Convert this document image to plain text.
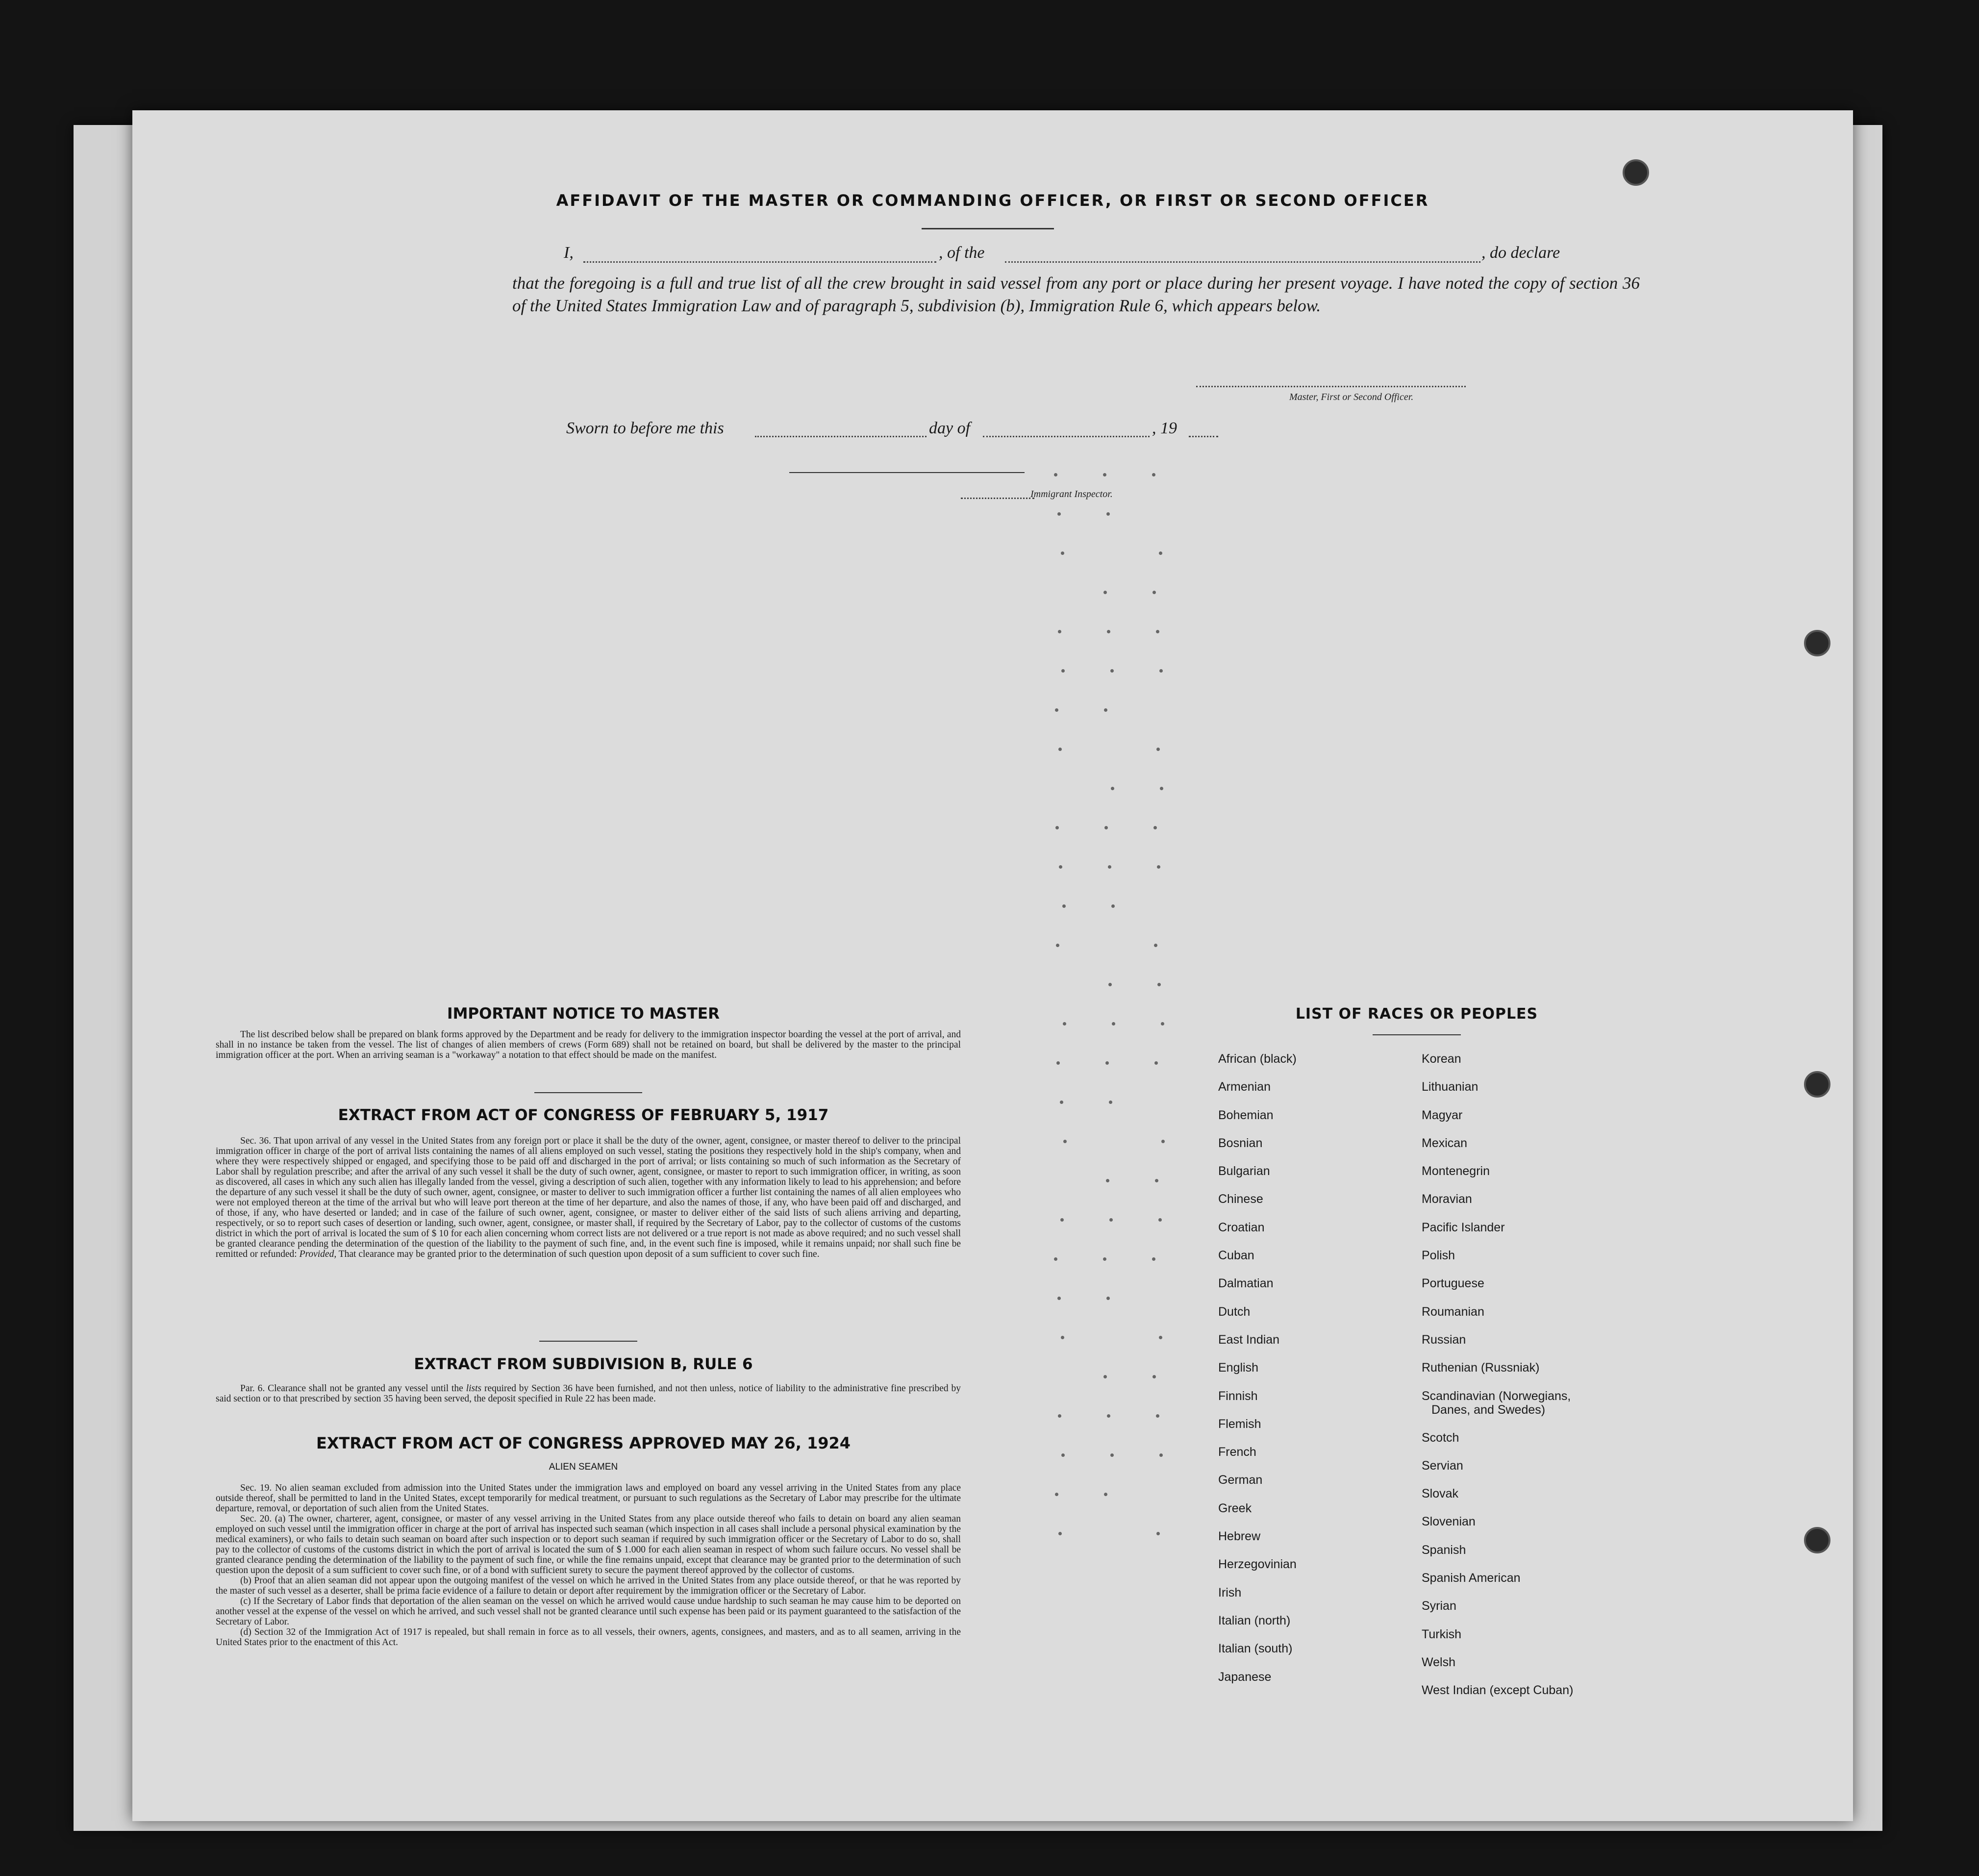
AFFIDAVIT OF THE MASTER OR COMMANDING OFFICER, OR FIRST OR SECOND OFFICER
I,	, of the	, do declare
that the foregoing is a full and true list of all the crew brought in said vessel from any port or place during her present voyage. I have noted the copy of section 36 of the United States Immigration Law and of paragraph 5, subdivision (b), Immigration Rule 6, which appears below.
Master, First or Second Officer.
Sworn to before me this	day of	, 19
Immigrant Inspector.
IMPORTANT NOTICE TO MASTER

The list described below shall be prepared on blank forms approved by the Department and be ready for delivery to the immigration inspector boarding the vessel at the port of arrival, and shall in no instance be taken from the vessel. The list of changes of alien members of crews (Form 689) shall not be retained on board, but shall be delivered by the master to the principal immigration officer at the port. When an arriving seaman is a "workaway" a notation to that effect should be made on the manifest.

EXTRACT FROM ACT OF CONGRESS OF FEBRUARY 5, 1917

Sec. 36. That upon arrival of any vessel in the United States from any foreign port or place it shall be the duty of the owner, agent, consignee, or master thereof to deliver to the principal immigration officer in charge of the port of arrival lists containing the names of all aliens employed on such vessel, stating the positions they respectively hold in the ship's company, when and where they were respectively shipped or engaged, and specifying those to be paid off and discharged in the port of arrival; or lists containing so much of such information as the Secretary of Labor shall by regulation prescribe; and after the arrival of any such vessel it shall be the duty of such owner, agent, consignee, or master to report to such immigration officer, in writing, as soon as discovered, all cases in which any such alien has illegally landed from the vessel, giving a description of such alien, together with any information likely to lead to his apprehension; and before the departure of any such vessel it shall be the duty of such owner, agent, consignee, or master to deliver to such immigration officer a further list containing the names of all alien employees who were not employed thereon at the time of the arrival but who will leave port thereon at the time of her departure, and also the names of those, if any, who have been paid off and discharged, and of those, if any, who have deserted or landed; and in case of the failure of such owner, agent, consignee, or master to deliver either of the said lists of such aliens arriving and departing, respectively, or so to report such cases of desertion or landing, such owner, agent, consignee, or master shall, if required by the Secretary of Labor, pay to the collector of customs of the customs district in which the port of arrival is located the sum of $ 10 for each alien concerning whom correct lists are not delivered or a true report is not made as above required; and no such vessel shall be granted clearance pending the determination of the question of the liability to the payment of such fine, and, in the event such fine is imposed, while it remains unpaid; nor shall such fine be remitted or refunded: Provided, That clearance may be granted prior to the determination of such question upon deposit of a sum sufficient to cover such fine.

EXTRACT FROM SUBDIVISION B, RULE 6

Par. 6. Clearance shall not be granted any vessel until the lists required by Section 36 have been furnished, and not then unless, notice of liability to the administrative fine prescribed by said section or to that prescribed by section 35 having been served, the deposit specified in Rule 22 has been made.

EXTRACT FROM ACT OF CONGRESS APPROVED MAY 26, 1924
ALIEN SEAMEN

Sec. 19. No alien seaman excluded from admission into the United States under the immigration laws and employed on board any vessel arriving in the United States from any place outside thereof, shall be permitted to land in the United States, except temporarily for medical treatment, or pursuant to such regulations as the Secretary of Labor may prescribe for the ultimate departure, removal, or deportation of such alien from the United States.

Sec. 20. (a) The owner, charterer, agent, consignee, or master of any vessel arriving in the United States from any place outside thereof who fails to detain on board any alien seaman employed on such vessel until the immigration officer in charge at the port of arrival has inspected such seaman (which inspection in all cases shall include a personal physical examination by the medical examiners), or who fails to detain such seaman on board after such inspection or to deport such seaman if required by such immigration officer or the Secretary of Labor to do so, shall pay to the collector of customs of the customs district in which the port of arrival is located the sum of $ 1.000 for each alien seaman in respect of whom such failure occurs. No vessel shall be granted clearance pending the determination of the liability to the payment of such fine, or while the fine remains unpaid, except that clearance may be granted prior to the determination of such question upon the deposit of a sum sufficient to cover such fine, or of a bond with sufficient surety to secure the payment thereof approved by the collector of customs.

(b) Proof that an alien seaman did not appear upon the outgoing manifest of the vessel on which he arrived in the United States from any place outside thereof, or that he was reported by the master of such vessel as a deserter, shall be prima facie evidence of a failure to detain or deport after requirement by the immigration officer or the Secretary of Labor.

(c) If the Secretary of Labor finds that deportation of the alien seaman on the vessel on which he arrived would cause undue hardship to such seaman he may cause him to be deported on another vessel at the expense of the vessel on which he arrived, and such vessel shall not be granted clearance until such expense has been paid or its payment guaranteed to the satisfaction of the Secretary of Labor.

(d) Section 32 of the Immigration Act of 1917 is repealed, but shall remain in force as to all vessels, their owners, agents, consignees, and masters, and as to all seamen, arriving in the United States prior to the enactment of this Act.

LIST OF RACES OR PEOPLES
African (black)
Armenian
Bohemian
Bosnian
Bulgarian
Chinese
Croatian
Cuban
Dalmatian
Dutch
East Indian
English
Finnish
Flemish
French
German
Greek
Hebrew
Herzegovinian
Irish
Italian (north)
Italian (south)
Japanese
Korean
Lithuanian
Magyar
Mexican
Montenegrin
Moravian
Pacific Islander
Polish
Portuguese
Roumanian
Russian
Ruthenian (Russniak)
Scandinavian (Norwegians,
Danes, and Swedes)
Scotch
Servian
Slovak
Slovenian
Spanish
Spanish American
Syrian
Turkish
Welsh
West Indian (except Cuban)
